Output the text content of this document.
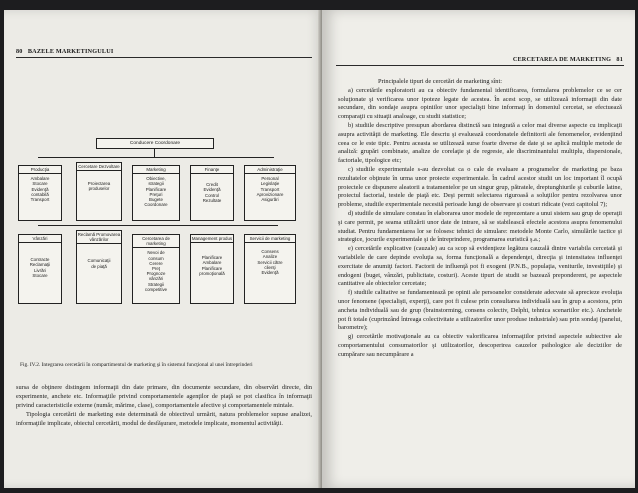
80 BAZELE MARKETINGULUI
Conducere Coordonare
Producţia
Ambalare
Stocare
Evidenţă
contabilă
Transport
Cercetare Dezvoltare
Proiectarea
produselor
Marketing
Obiective,
strategii
Planificare
Preţuri
Bugete
Coordonare
Finanţe
Credit
Evidenţă
Control
Rezultate
Administraţie
Personal
Legislaţie
Transport
Aprovizionare
Asigurări
Vânzări
Contracte
Reclamaţii
Livrări
Stocare
Reclamă Promovarea vânzărilor
Comunicaţii
de piaţă
Cercetarea de marketing
Nevoi de
consum
Cerere
Preţ
Prognoze
vânzări
Strategii
competitive
Management produs
Planificare
Ambalare
Planificare
promoţională
Servicii de marketing
Consens
Analize
Servicii către
clienţi
Evidenţă
Fig. IV.2. Integrarea cercetării în compartimentul de marketing şi în sistemul funcţional al unei întreprinderi

sursa de obţinere distingem informaţii din date primare, din documente secundare, din observări directe, din experimente, anchete etc. Informaţiile privind comportamentele agenţilor de piaţă se pot clasifica în informaţii privind caracteristicile externe (număr, mărime, clase), comportamentele afective şi comportamentele mintale.

Tipologia cercetării de marketing este determinată de obiectivul urmărit, natura problemelor supuse analizei, informaţiile implicate, obiectul cercetării, modul de desfăşurare, metodele implicate, momentul activităţii.

CERCETAREA DE MARKETING 81

Principalele tipuri de cercetări de marketing sînt:

a) cercetările exploratorii au ca obiectiv fundamental identificarea, formularea problemelor ce se cer soluţionate şi verificarea unor ipoteze legate de acestea. În acest scop, se utilizează informaţii din date secundare, din sondaje asupra opiniilor unor specialişti bine informaţi în domeniul cercetat, se efectuează comparaţii cu situaţii analoage, cu studii statistice;

b) studiile descriptive presupun abordarea distinctă sau integrată a celor mai diverse aspecte cu implicaţii asupra activităţii de marketing. Ele descriu şi evaluează coordonatele definitorii ale fenomenelor, evidenţiind ceea ce le este tipic. Pentru aceasta se utilizează surse foarte diverse de date şi se aplică multiple metode de analiză: grupări combinate, analize de corelaţie şi de regresie, ale discriminantului multiplu, dispersionale, factoriale, tipologice etc;

c) studiile experimentale s-au dezvoltat ca o cale de evaluare a programelor de marketing pe baza rezultatelor obţinute în urma unor proiecte experimentale. În cadrul acestor studii un loc important îl ocupă proiectele ce dispunere aleatorii a tratamentelor pe un singur grup, pătratele, dreptunghiurile şi cuburile latine, proiectul factorial, testele de piaţă etc. Deşi permit selectarea riguroasă a soluţiilor pentru rezolvarea unor probleme, studiile experimentale necesită perioade lungi de observare şi costuri ridicate (vezi capitolul 7);

d) studiile de simulare constau în elaborarea unor modele de reprezentare a unui sistem sau grup de operaţii şi care permit, pe seama utilizării unor date de intrare, să se stabilească efectele acestora asupra fenomenului studiat. Pentru fundamentarea lor se folosesc tehnici de simulare: metodele Monte Carlo, simulările tactice şi strategice, jocurile experimentale şi de întreprindere, programarea euristică ş.a.;

e) cercetările explicative (cauzale) au ca scop să evidenţieze legătura cauzală dintre variabila cercetată şi variabilele de care depinde evoluţia sa, forma funcţională a dependenţei, direcţia şi intensitatea influenţei exercitate de anumiţi factori. Factorii de influenţă pot fi exogeni (P.N.B., populaţia, veniturile, investiţiile) şi endogeni (buget, vânzări, publicitate, costuri). Aceste tipuri de studii se bazează preponderent, pe aspectele cantitative ale obiectelor cercetate;

f) studiile calitative se fundamentează pe opinii ale persoanelor considerate adecvate să aprecieze evoluţia unor fenomene (specialişti, experţi), care pot fi culese prin consultarea individuală sau în grup a acestora, prin ancheta individuală sau de grup (brainstorming, consens colectiv, Delphi, tehnica scenariilor etc.). Anchetele pot fi totale (cuprinzând întreaga colectivitate a utilizatorilor unor produse industriale) sau prin sondaj (panelui, barometre);

g) cercetările motivaţionale au ca obiectiv valorificarea informaţiilor privind aspectele subiective ale comportamentului consumatorilor şi utilizatorilor, descoperirea cauzelor psihologice ale deciziilor de cumpărare sau necumpărare a
